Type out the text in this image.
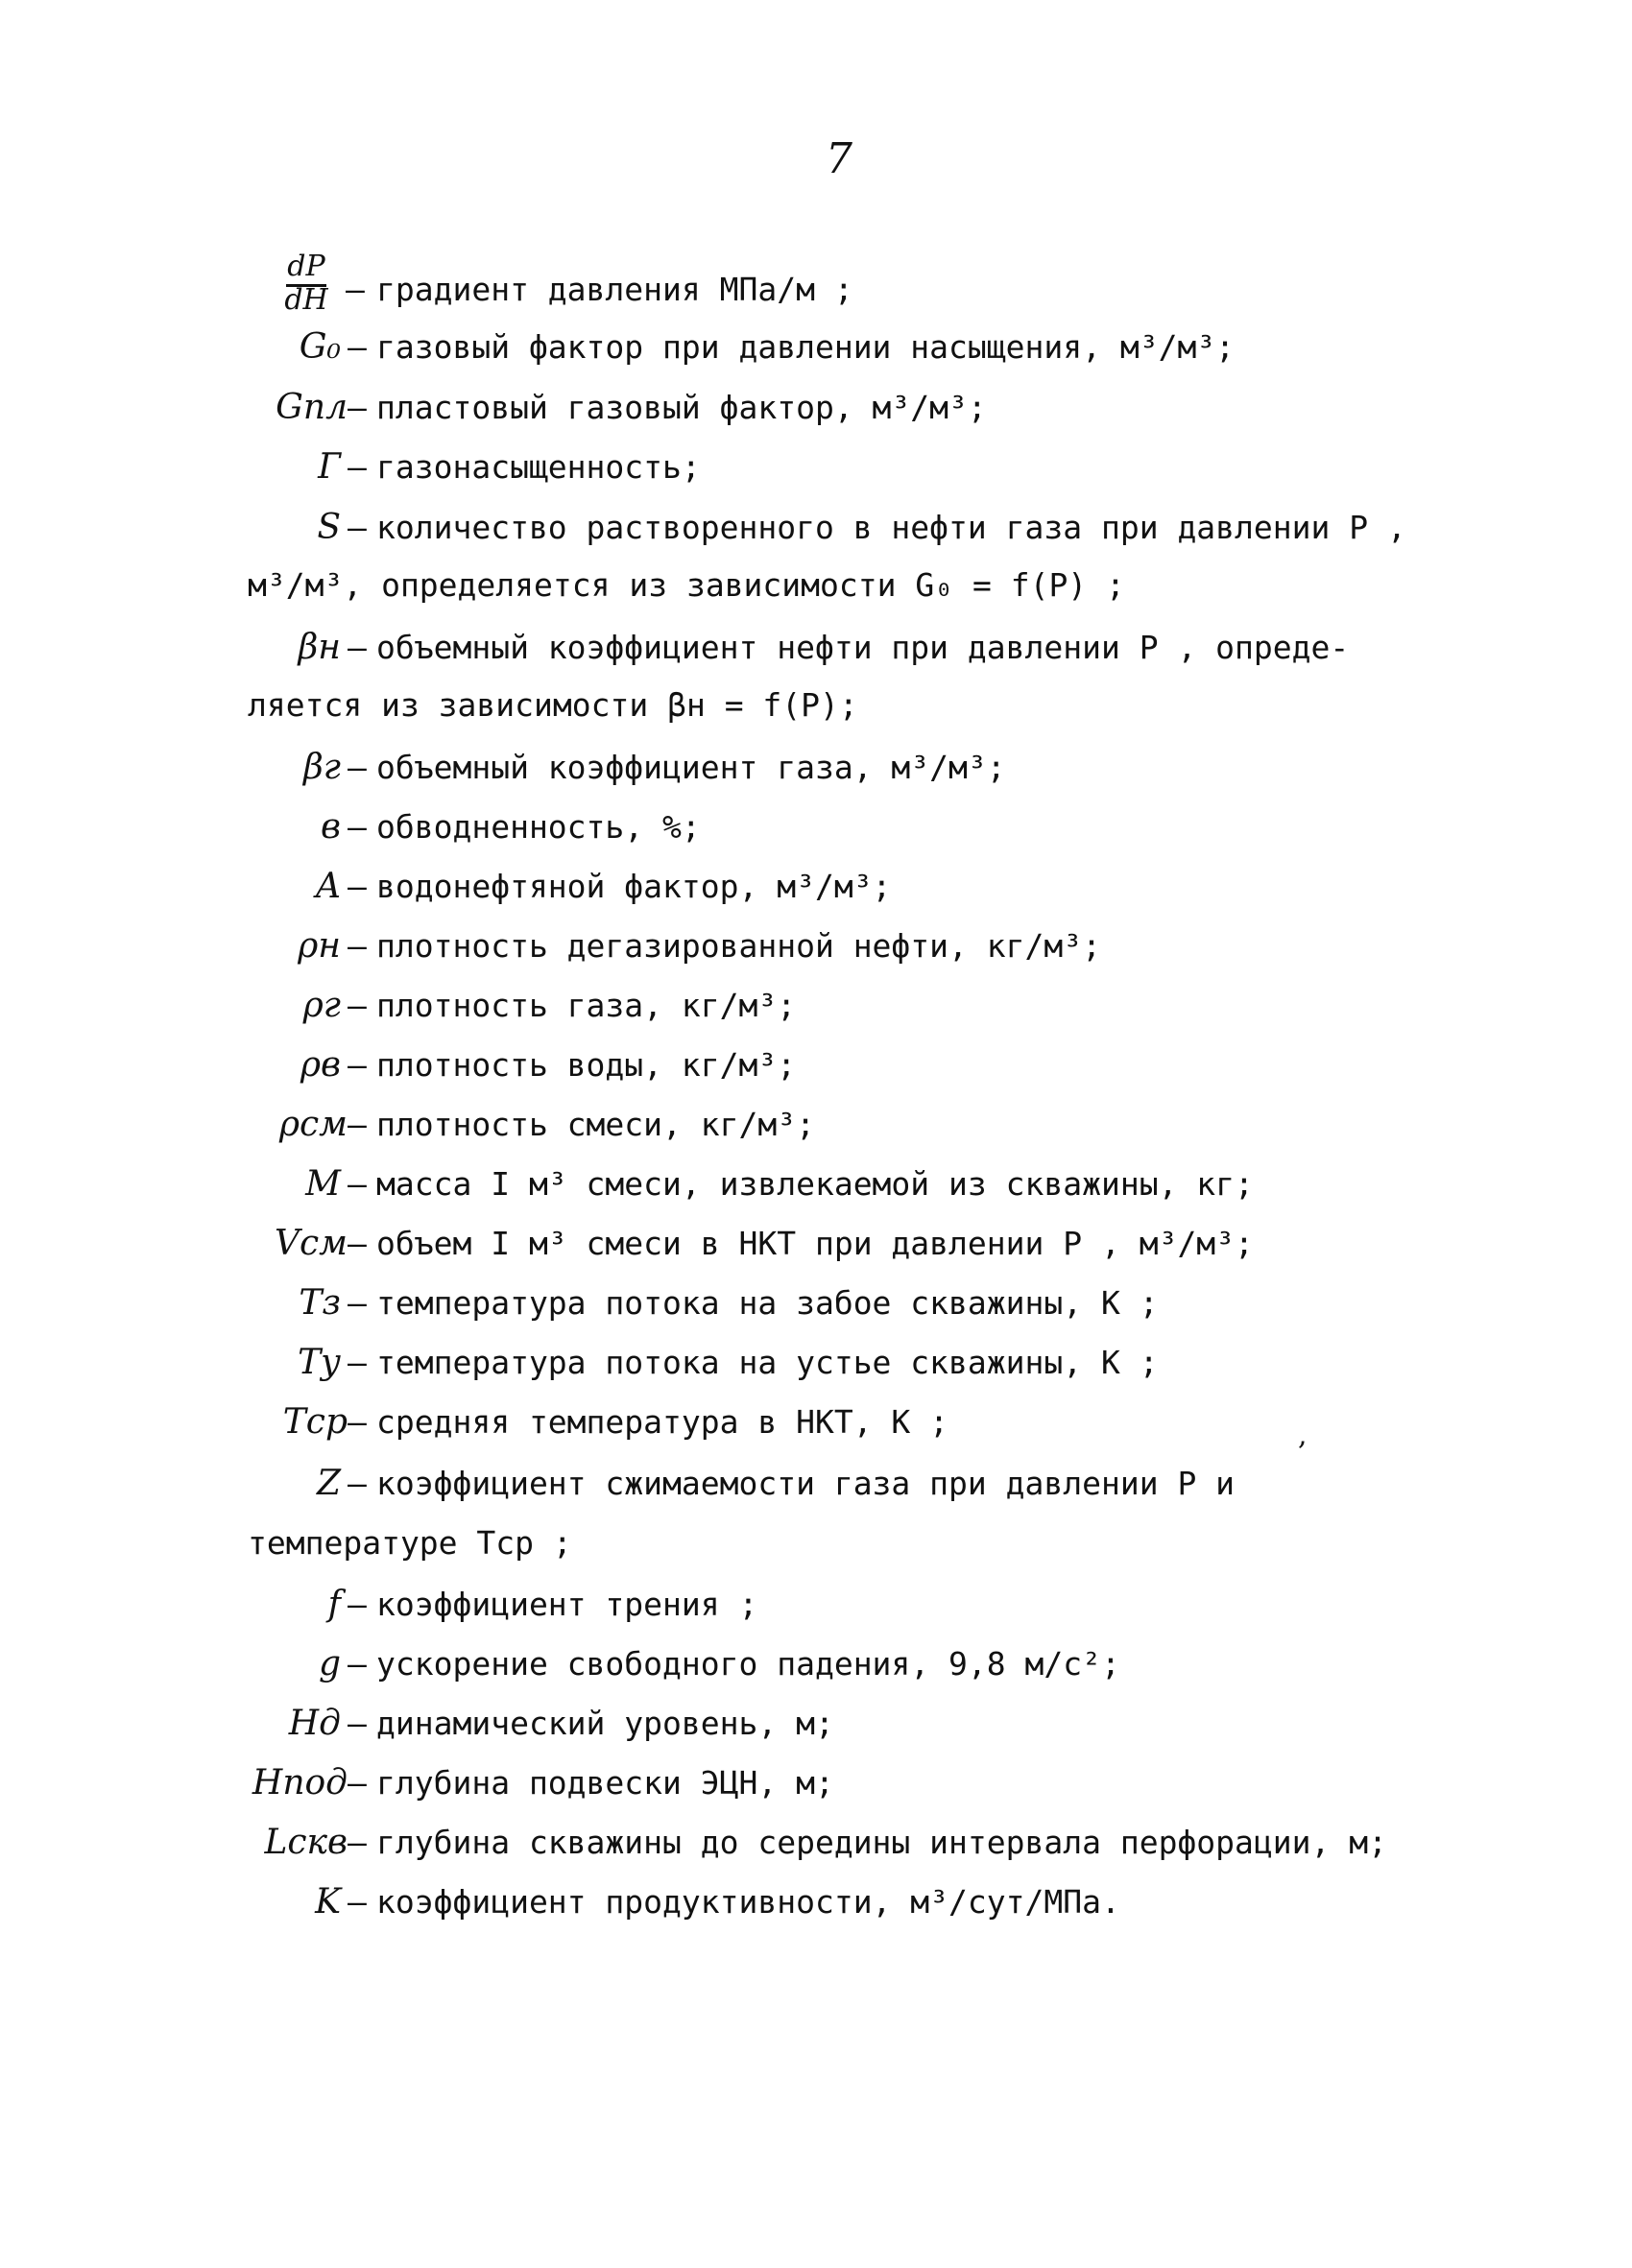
7
dP
dH – градиент давления МПа/м ;
G₀ – газовый фактор при давлении насыщения, м³/м³;
Gпл – пластовый газовый фактор, м³/м³;
Г – газонасыщенность;
S – количество растворенного в нефти газа при давлении P ,
м³/м³, определяется из зависимости G₀ = f(P) ;
βн – объемный коэффициент нефти при давлении P , опреде-
ляется из зависимости βн = f(P);
βг – объемный коэффициент газа, м³/м³;
в – обводненность, %;
A – водонефтяной фактор, м³/м³;
ρн – плотность дегазированной нефти, кг/м³;
ρг – плотность газа, кг/м³;
ρв – плотность воды, кг/м³;
ρсм – плотность смеси, кг/м³;
M – масса I м³ смеси, извлекаемой из скважины, кг;
Vсм – объем I м³ смеси в НКТ при давлении P , м³/м³;
Tз – температура потока на забое скважины, К ;
Tу – температура потока на устье скважины, К ;
Tср – средняя температура в НКТ, К ;	,
Z – коэффициент сжимаемости газа при давлении P и
температуре Tср ;
f – коэффициент трения ;
g – ускорение свободного падения, 9,8 м/с²;
Hд – динамический уровень, м;
Hпод – глубина подвески ЭЦН, м;
Lскв – глубина скважины до середины интервала перфорации, м;
K – коэффициент продуктивности, м³/сут/МПа.
